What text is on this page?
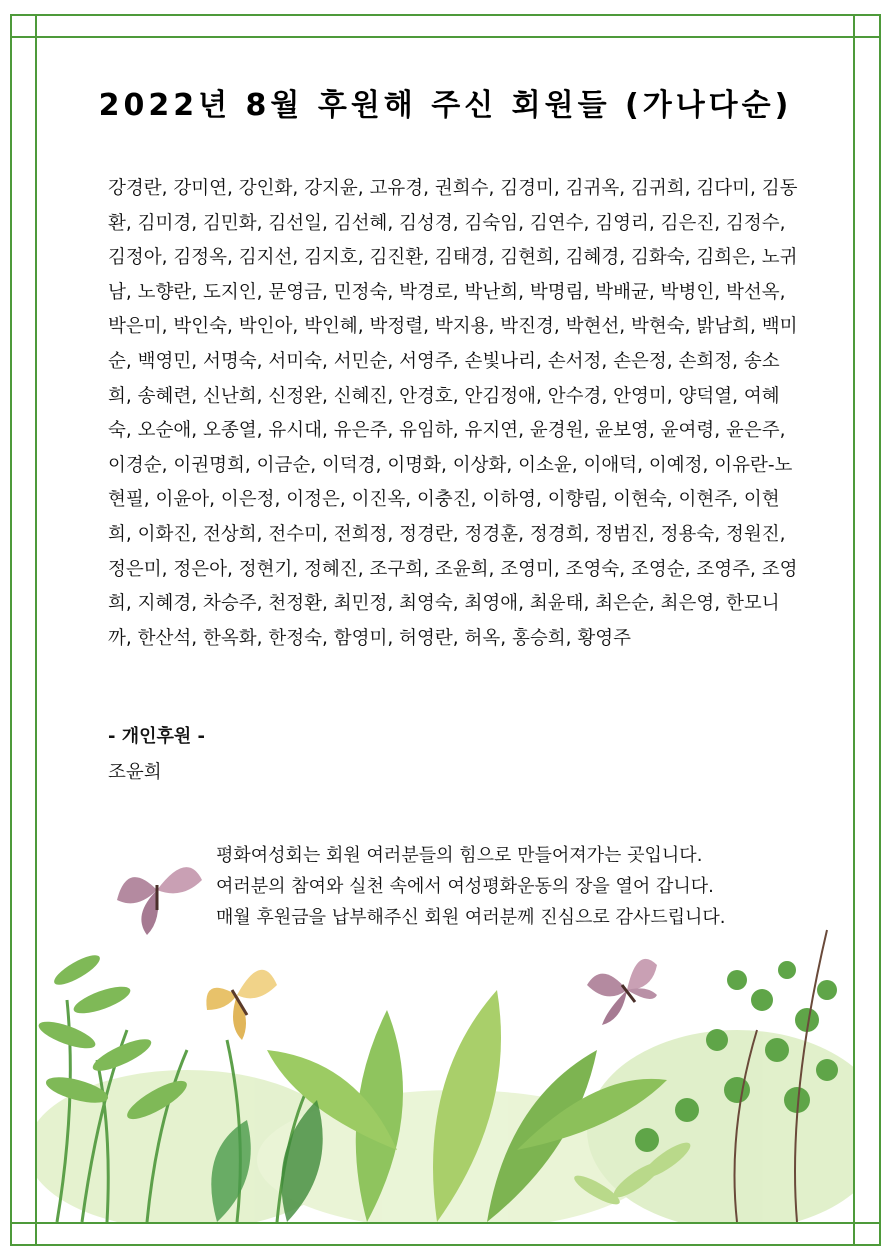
2022년 8월 후원해 주신 회원들 (가나다순)

강경란, 강미연, 강인화, 강지윤, 고유경, 권희수, 김경미, 김귀옥, 김귀희, 김다미, 김동환, 김미경, 김민화, 김선일, 김선혜, 김성경, 김숙임, 김연수, 김영리, 김은진, 김정수, 김정아, 김정옥, 김지선, 김지호, 김진환, 김태경, 김현희, 김혜경, 김화숙, 김희은, 노귀남, 노향란, 도지인, 문영금, 민정숙, 박경로, 박난희, 박명림, 박배균, 박병인, 박선옥, 박은미, 박인숙, 박인아, 박인혜, 박정렬, 박지용, 박진경, 박현선, 박현숙, 밝남희, 백미순, 백영민, 서명숙, 서미숙, 서민순, 서영주, 손빛나리, 손서정, 손은정, 손희정, 송소희, 송혜련, 신난희, 신정완, 신혜진, 안경호, 안김정애, 안수경, 안영미, 양덕열, 여혜숙, 오순애, 오종열, 유시대, 유은주, 유임하, 유지연, 윤경원, 윤보영, 윤여령, 윤은주, 이경순, 이권명희, 이금순, 이덕경, 이명화, 이상화, 이소윤, 이애덕, 이예정, 이유란-노현필, 이윤아, 이은정, 이정은, 이진옥, 이충진, 이하영, 이향림, 이현숙, 이현주, 이현희, 이화진, 전상희, 전수미, 전희정, 정경란, 정경훈, 정경희, 정범진, 정용숙, 정원진, 정은미, 정은아, 정현기, 정혜진, 조구희, 조윤희, 조영미, 조영숙, 조영순, 조영주, 조영희, 지혜경, 차승주, 천정환, 최민정, 최영숙, 최영애, 최윤태, 최은순, 최은영, 한모니까, 한산석, 한옥화, 한정숙, 함영미, 허영란, 허옥, 홍승희, 황영주

- 개인후원 -
조윤희
평화여성회는 회원 여러분들의 힘으로 만들어져가는 곳입니다.
여러분의 참여와 실천 속에서 여성평화운동의 장을 열어 갑니다.
매월 후원금을 납부해주신 회원 여러분께 진심으로 감사드립니다.
